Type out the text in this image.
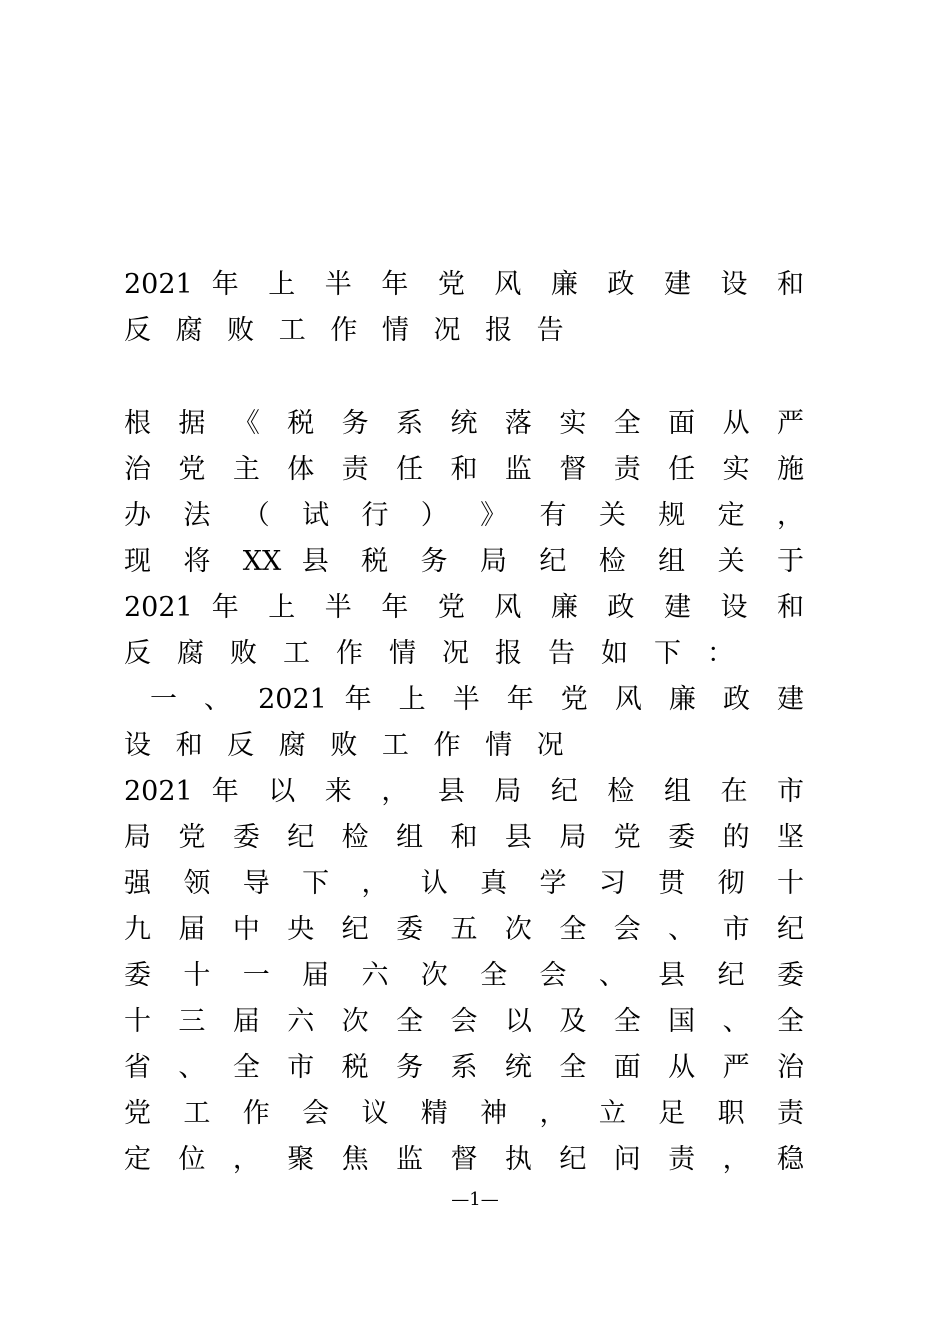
2021 年 上 半 年 党 风 廉 政 建 设 和
反 腐 败 工 作 情 况 报 告
根 据 《 税 务 系 统 落 实 全 面 从 严
治 党 主 体 责 任 和 监 督 责 任 实 施
办 法 （ 试 行 ） 》 有 关 规 定 ，
现 将 XX 县 税 务 局 纪 检 组 关 于
2021 年 上 半 年 党 风 廉 政 建 设 和
反 腐 败 工 作 情 况 报 告 如 下 ：
一 、 2021 年 上 半 年 党 风 廉 政 建
设 和 反 腐 败 工 作 情 况
2021 年 以 来 ， 县 局 纪 检 组 在 市
局 党 委 纪 检 组 和 县 局 党 委 的 坚
强 领 导 下 ， 认 真 学 习 贯 彻 十
九 届 中 央 纪 委 五 次 全 会 、 市 纪
委 十 一 届 六 次 全 会 、 县 纪 委
十 三 届 六 次 全 会 以 及 全 国 、 全
省 、 全 市 税 务 系 统 全 面 从 严 治
党 工 作 会 议 精 神 ， 立 足 职 责
定 位 ， 聚 焦 监 督 执 纪 问 责 ， 稳
—1—
